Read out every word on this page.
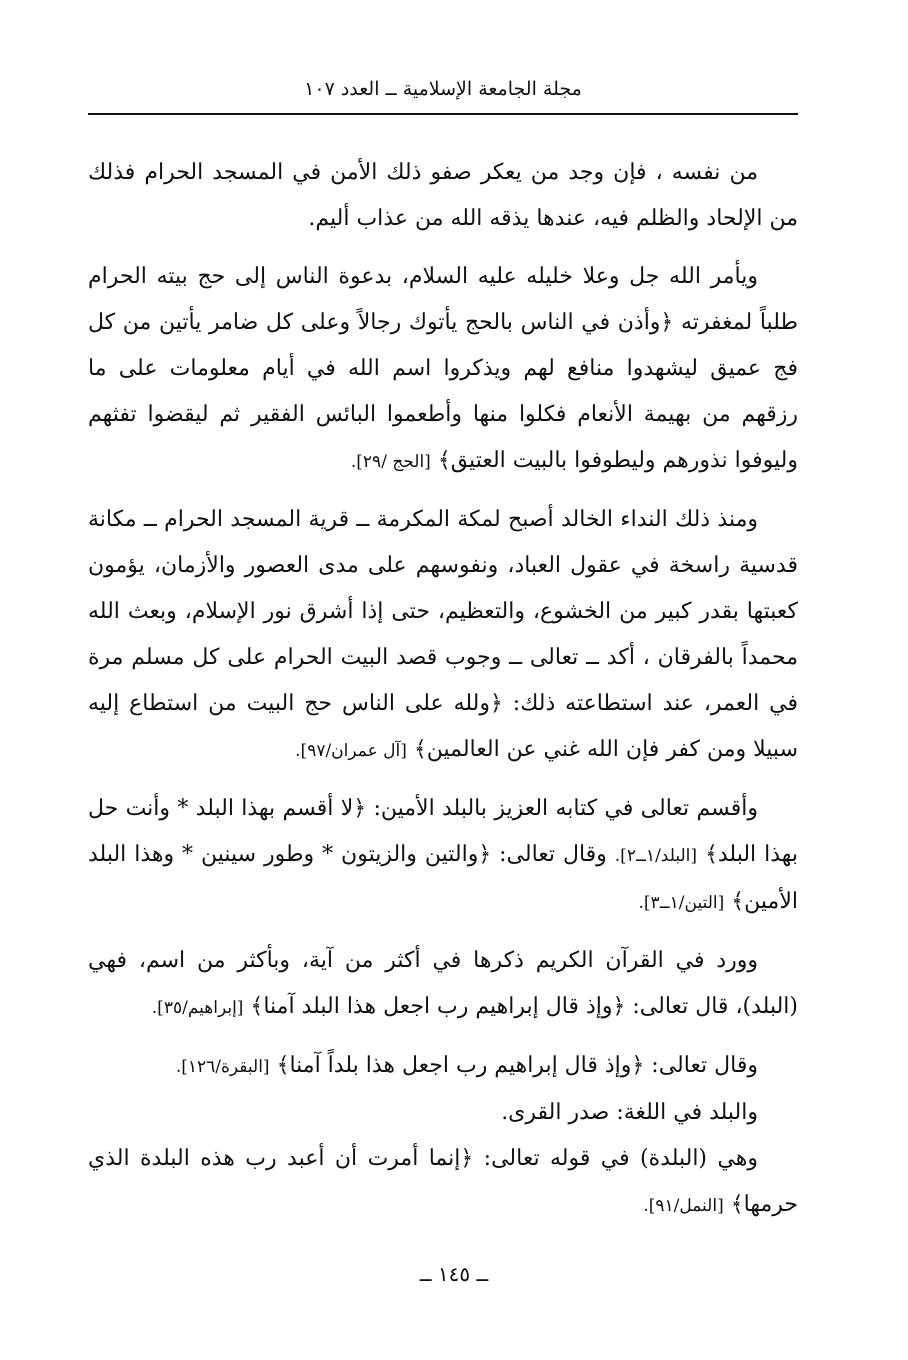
مجلة الجامعة الإسلامية ــ العدد ١٠٧

من نفسه ، فإن وجد من يعكر صفو ذلك الأمن في المسجد الحرام فذلك من الإلحاد والظلم فيه، عندها يذقه الله من عذاب أليم.

ويأمر الله جل وعلا خليله عليه السلام، بدعوة الناس إلى حج بيته الحرام طلباً لمغفرته ﴿وأذن في الناس بالحج يأتوك رجالاً وعلى كل ضامر يأتين من كل فج عميق ليشهدوا منافع لهم ويذكروا اسم الله في أيام معلومات على ما رزقهم من بهيمة الأنعام فكلوا منها وأطعموا البائس الفقير ثم ليقضوا تفثهم وليوفوا نذورهم وليطوفوا بالبيت العتيق﴾ [الحج /٢٩].

ومنذ ذلك النداء الخالد أصبح لمكة المكرمة ــ قرية المسجد الحرام ــ مكانة قدسية راسخة في عقول العباد، ونفوسهم على مدى العصور والأزمان، يؤمون كعبتها بقدر كبير من الخشوع، والتعظيم، حتى إذا أشرق نور الإسلام، وبعث الله محمداً بالفرقان ، أكد ــ تعالى ــ وجوب قصد البيت الحرام على كل مسلم مرة في العمر، عند استطاعته ذلك: ﴿ولله على الناس حج البيت من استطاع إليه سبيلا ومن كفر فإن الله غني عن العالمين﴾ [آل عمران/٩٧].

وأقسم تعالى في كتابه العزيز بالبلد الأمين: ﴿لا أقسم بهذا البلد * وأنت حل بهذا البلد﴾ [البلد/١ــ٢]. وقال تعالى: ﴿والتين والزيتون * وطور سينين * وهذا البلد الأمين﴾ [التين/١ــ٣].

وورد في القرآن الكريم ذكرها في أكثر من آية، وبأكثر من اسم، فهي (البلد)، قال تعالى: ﴿وإذ قال إبراهيم رب اجعل هذا البلد آمنا﴾ [إبراهيم/٣٥].

وقال تعالى: ﴿وإذ قال إبراهيم رب اجعل هذا بلداً آمنا﴾ [البقرة/١٢٦].

والبلد في اللغة: صدر القرى.

وهي (البلدة) في قوله تعالى: ﴿إنما أمرت أن أعبد رب هذه البلدة الذي حرمها﴾ [النمل/٩١].

ــ ١٤٥ ــ
